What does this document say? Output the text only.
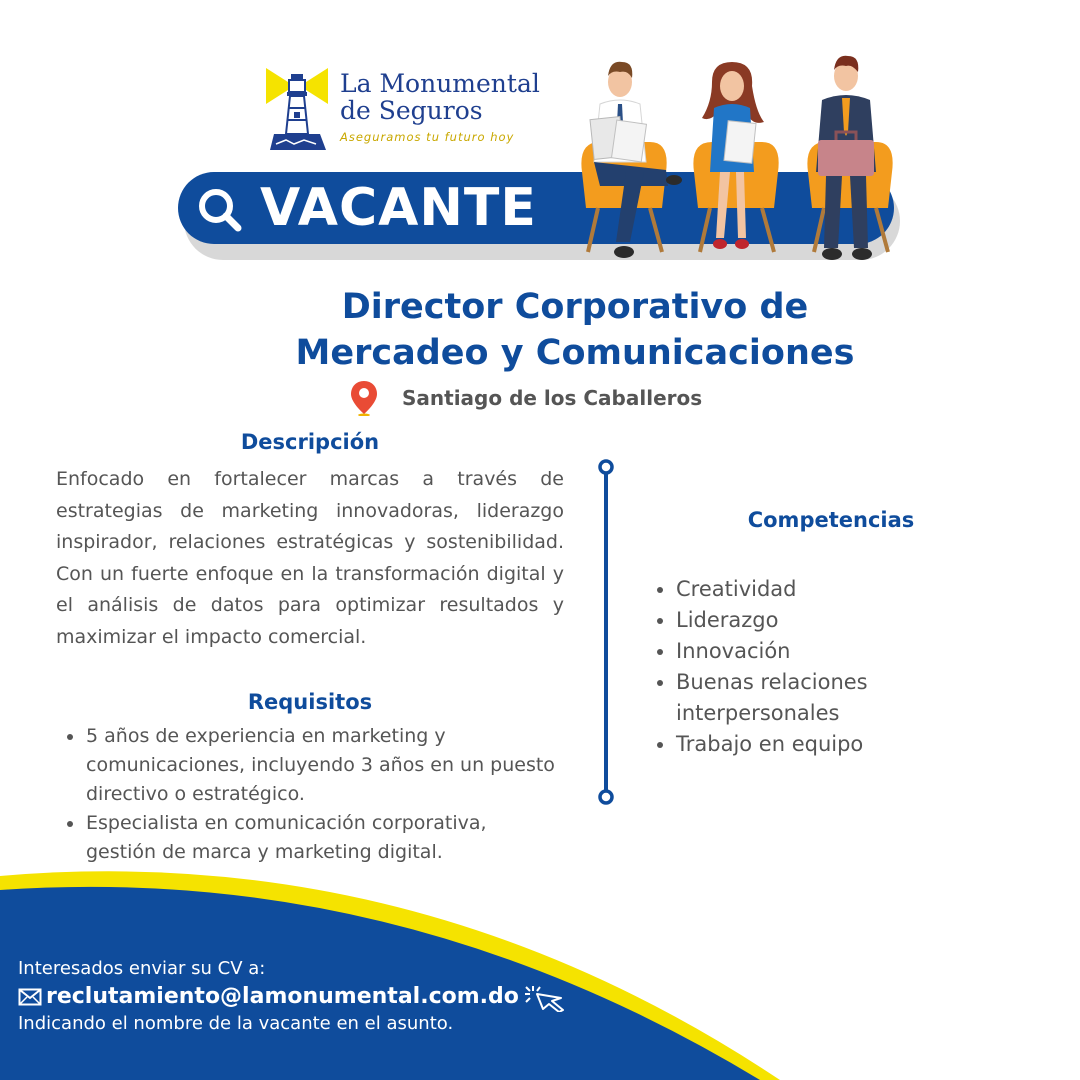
La Monumental
de Seguros
Aseguramos tu futuro hoy
VACANTE
Director Corporativo de
Mercadeo y Comunicaciones
Santiago de los Caballeros
Descripción

Enfocado en fortalecer marcas a través de estrategias de marketing innovadoras, liderazgo inspirador, relaciones estratégicas y sostenibilidad. Con un fuerte enfoque en la transformación digital y el análisis de datos para optimizar resultados y maximizar el impacto comercial.

Requisitos
5 años de experiencia en marketing y comunicaciones, incluyendo 3 años en un puesto directivo o estratégico.
Especialista en comunicación corporativa, gestión de marca y marketing digital.
Competencias
Creatividad
Liderazgo
Innovación
Buenas relaciones interpersonales
Trabajo en equipo
Interesados enviar su CV a:
reclutamiento@lamonumental.com.do
Indicando el nombre de la vacante en el asunto.
